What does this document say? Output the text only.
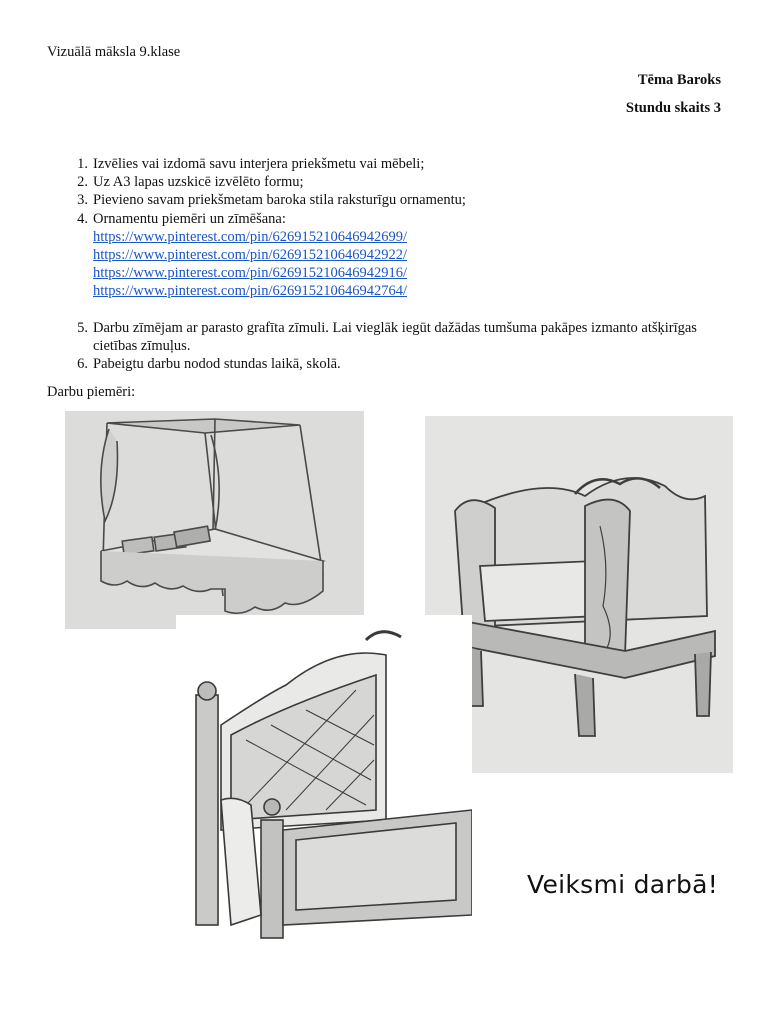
Vizuālā māksla 9.klase
Tēma Baroks
Stundu skaits 3
1. Izvēlies vai izdomā savu interjera priekšmetu vai mēbeli;
2. Uz A3 lapas uzskicē izvēlēto formu;
3. Pievieno savam priekšmetam baroka stila raksturīgu ornamentu;
4. Ornamentu piemēri un zīmēšana:
https://www.pinterest.com/pin/626915210646942699/
https://www.pinterest.com/pin/626915210646942922/
https://www.pinterest.com/pin/626915210646942916/
https://www.pinterest.com/pin/626915210646942764/
5. Darbu zīmējam ar parasto grafīta zīmuli. Lai vieglāk iegūt dažādas tumšuma pakāpes izmanto atšķirīgas cietības zīmuļus.
6. Pabeigtu darbu nodod stundas laikā, skolā.
Darbu piemēri:
Veiksmi darbā!
